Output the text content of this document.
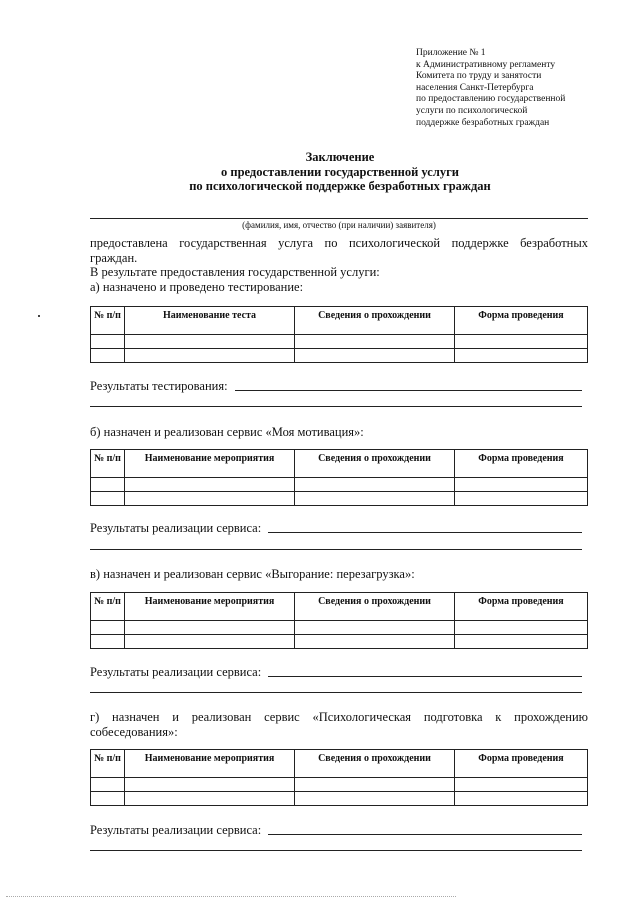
Приложение № 1
к Административному регламенту
Комитета по труду и занятости
населения Санкт-Петербурга
по предоставлению государственной
услуги по психологической
поддержке безработных граждан
Заключение
о предоставлении государственной услуги
по психологической поддержке безработных граждан
(фамилия, имя, отчество (при наличии) заявителя)
предоставлена государственная услуга по психологической поддержке безработных граждан.
В результате предоставления государственной услуги:
а) назначено и проведено тестирование:
№ п/п	Наименование теста	Сведения о прохождении	Форма проведения

Результаты тестирования:
б) назначен и реализован сервис «Моя мотивация»:
№ п/п	Наименование мероприятия	Сведения о прохождении	Форма проведения

Результаты реализации сервиса:
в) назначен и реализован сервис «Выгорание: перезагрузка»:
№ п/п	Наименование мероприятия	Сведения о прохождении	Форма проведения

Результаты реализации сервиса:
г) назначен и реализован сервис «Психологическая подготовка к прохождению собеседования»:
№ п/п	Наименование мероприятия	Сведения о прохождении	Форма проведения

Результаты реализации сервиса:
